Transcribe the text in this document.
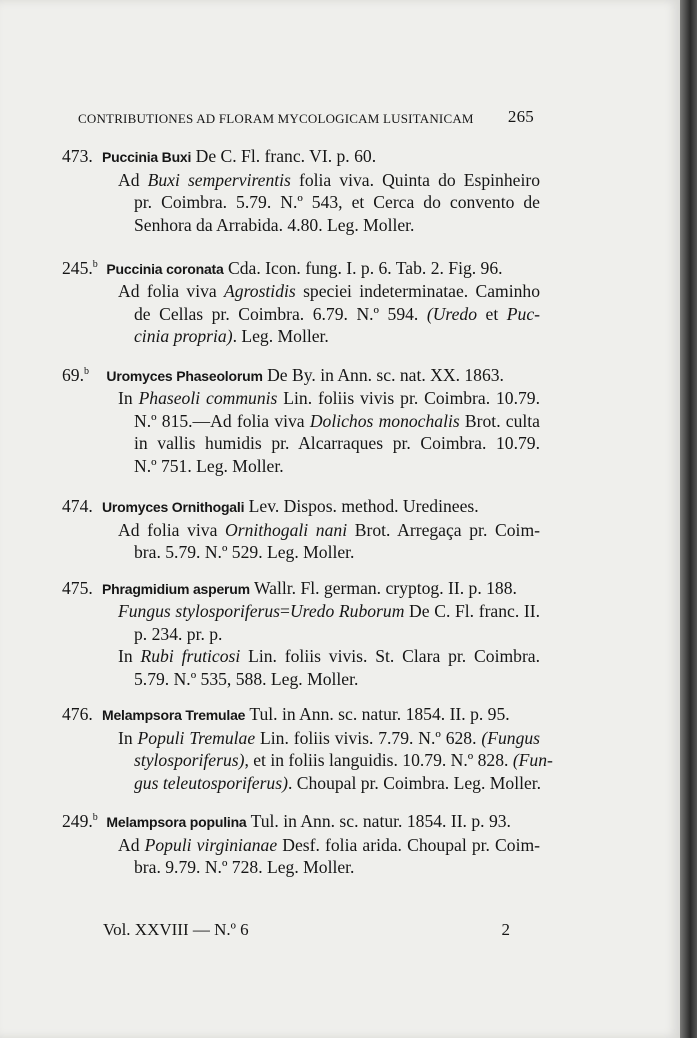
CONTRIBUTIONES AD FLORAM MYCOLOGICAM LUSITANICAM 265
473. Puccinia Buxi De C. Fl. franc. VI. p. 60.
Ad Buxi sempervirentis folia viva. Quinta do Espinheiro
pr. Coimbra. 5.79. N.º 543, et Cerca do convento de
Senhora da Arrabida. 4.80. Leg. Moller.
245.$^b$ Puccinia coronata Cda. Icon. fung. I. p. 6. Tab. 2. Fig. 96.
Ad folia viva Agrostidis speciei indeterminatae. Caminho
de Cellas pr. Coimbra. 6.79. N.º 594. (Uredo et Puc-
cinia propria). Leg. Moller.
69.$^b$ Uromyces Phaseolorum De By. in Ann. sc. nat. XX. 1863.
In Phaseoli communis Lin. foliis vivis pr. Coimbra. 10.79.
N.º 815.—Ad folia viva Dolichos monochalis Brot. culta
in vallis humidis pr. Alcarraques pr. Coimbra. 10.79.
N.º 751. Leg. Moller.
474. Uromyces Ornithogali Lev. Dispos. method. Uredinees.
Ad folia viva Ornithogali nani Brot. Arregaça pr. Coim-
bra. 5.79. N.º 529. Leg. Moller.
475. Phragmidium asperum Wallr. Fl. german. cryptog. II. p. 188.
Fungus stylosporiferus=Uredo Ruborum De C. Fl. franc. II.
p. 234. pr. p.
In Rubi fruticosi Lin. foliis vivis. St. Clara pr. Coimbra.
5.79. N.º 535, 588. Leg. Moller.
476. Melampsora Tremulae Tul. in Ann. sc. natur. 1854. II. p. 95.
In Populi Tremulae Lin. foliis vivis. 7.79. N.º 628. (Fungus
stylosporiferus), et in foliis languidis. 10.79. N.º 828. (Fun-
gus teleutosporiferus). Choupal pr. Coimbra. Leg. Moller.
249.$^b$ Melampsora populina Tul. in Ann. sc. natur. 1854. II. p. 93.
Ad Populi virginianae Desf. folia arida. Choupal pr. Coim-
bra. 9.79. N.º 728. Leg. Moller.
Vol. XXVIII — N.º 6	2
